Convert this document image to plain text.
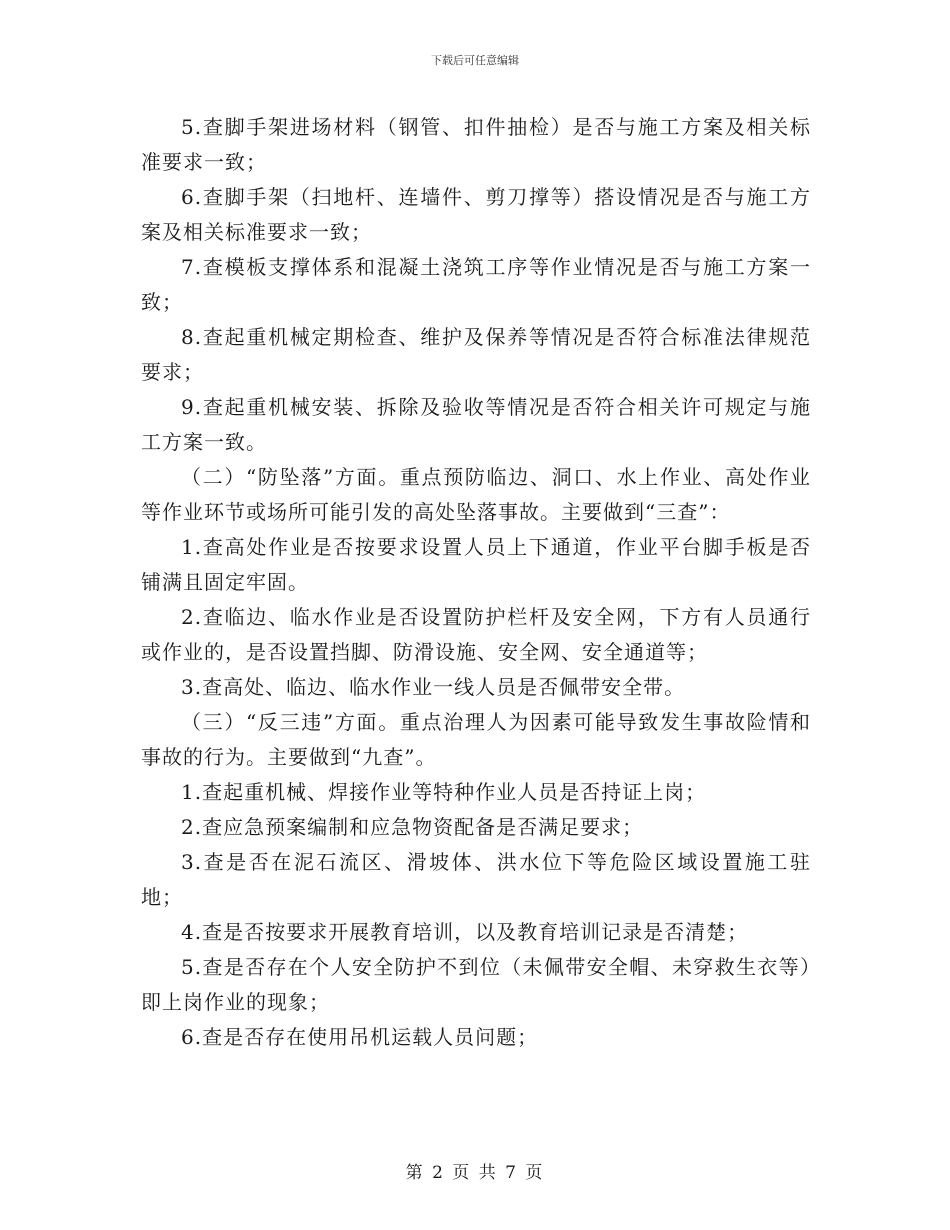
下载后可任意编辑

5.查脚手架进场材料（钢管、扣件抽检）是否与施工方案及相关标准要求一致；

6.查脚手架（扫地杆、连墙件、剪刀撑等）搭设情况是否与施工方案及相关标准要求一致；

7.查模板支撑体系和混凝土浇筑工序等作业情况是否与施工方案一致；

8.查起重机械定期检查、维护及保养等情况是否符合标准法律规范要求；

9.查起重机械安装、拆除及验收等情况是否符合相关许可规定与施工方案一致。

（二）“防坠落”方面。重点预防临边、洞口、水上作业、高处作业等作业环节或场所可能引发的高处坠落事故。主要做到“三查”：

1.查高处作业是否按要求设置人员上下通道，作业平台脚手板是否铺满且固定牢固。

2.查临边、临水作业是否设置防护栏杆及安全网，下方有人员通行或作业的，是否设置挡脚、防滑设施、安全网、安全通道等；

3.查高处、临边、临水作业一线人员是否佩带安全带。

（三）“反三违”方面。重点治理人为因素可能导致发生事故险情和事故的行为。主要做到“九查”。

1.查起重机械、焊接作业等特种作业人员是否持证上岗；

2.查应急预案编制和应急物资配备是否满足要求；

3.查是否在泥石流区、滑坡体、洪水位下等危险区域设置施工驻地；

4.查是否按要求开展教育培训，以及教育培训记录是否清楚；

5.查是否存在个人安全防护不到位（未佩带安全帽、未穿救生衣等）即上岗作业的现象；

6.查是否存在使用吊机运载人员问题；

第 2 页 共 7 页
